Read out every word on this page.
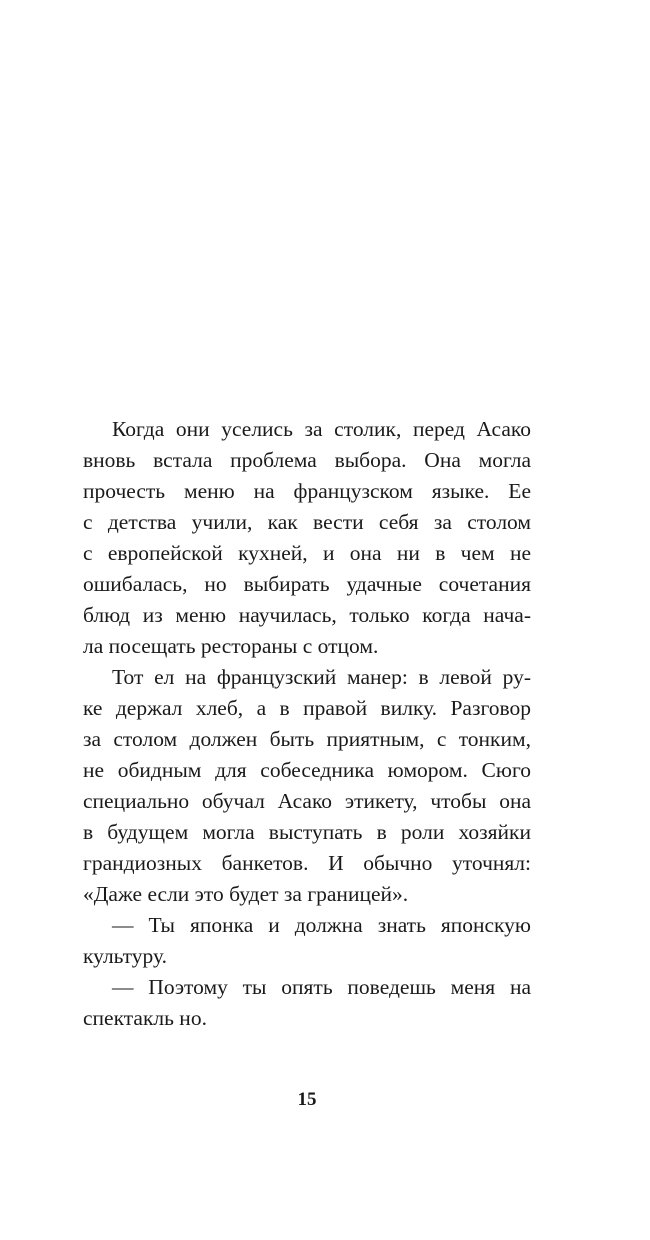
Когда они уселись за столик, перед Асако
вновь встала проблема выбора. Она могла
прочесть меню на французском языке. Ее
с детства учили, как вести себя за столом
с европейской кухней, и она ни в чем не
ошибалась, но выбирать удачные сочетания
блюд из меню научилась, только когда нача-
ла посещать рестораны с отцом.
Тот ел на французский манер: в левой ру-
ке держал хлеб, а в правой вилку. Разговор
за столом должен быть приятным, с тонким,
не обидным для собеседника юмором. Сюго
специально обучал Асако этикету, чтобы она
в будущем могла выступать в роли хозяйки
грандиозных банкетов. И обычно уточнял:
«Даже если это будет за границей».
— Ты японка и должна знать японскую
культуру.
— Поэтому ты опять поведешь меня на
спектакль но.
15
